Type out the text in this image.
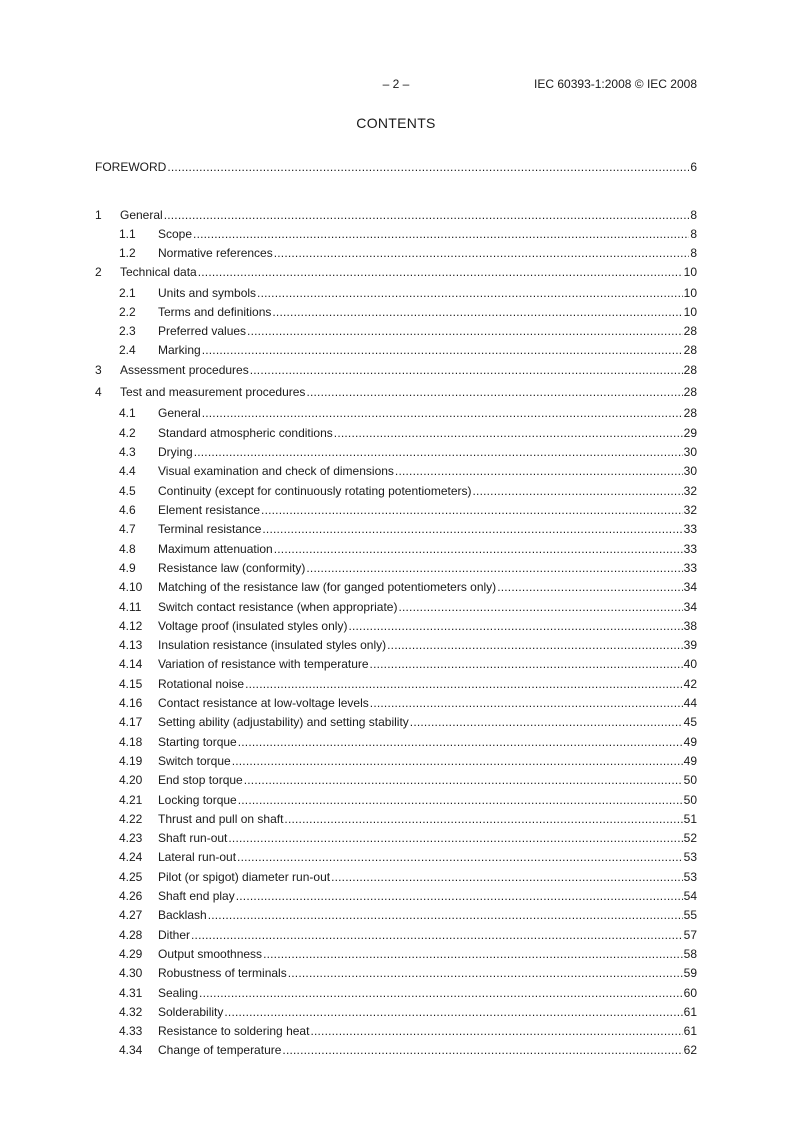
– 2 –	IEC 60393-1:2008 © IEC 2008
CONTENTS
FOREWORD .....	6
1	General .....	8
1.1	Scope .....	8
1.2	Normative references .....	8
2	Technical data .....	10
2.1	Units and symbols .....	10
2.2	Terms and definitions .....	10
2.3	Preferred values .....	28
2.4	Marking .....	28
3	Assessment procedures .....	28
4	Test and measurement procedures .....	28
4.1	General .....	28
4.2	Standard atmospheric conditions .....	29
4.3	Drying .....	30
4.4	Visual examination and check of dimensions .....	30
4.5	Continuity (except for continuously rotating potentiometers) .....	32
4.6	Element resistance .....	32
4.7	Terminal resistance .....	33
4.8	Maximum attenuation .....	33
4.9	Resistance law (conformity) .....	33
4.10	Matching of the resistance law (for ganged potentiometers only) .....	34
4.11	Switch contact resistance (when appropriate) .....	34
4.12	Voltage proof (insulated styles only) .....	38
4.13	Insulation resistance (insulated styles only) .....	39
4.14	Variation of resistance with temperature .....	40
4.15	Rotational noise .....	42
4.16	Contact resistance at low-voltage levels .....	44
4.17	Setting ability (adjustability) and setting stability .....	45
4.18	Starting torque .....	49
4.19	Switch torque .....	49
4.20	End stop torque .....	50
4.21	Locking torque .....	50
4.22	Thrust and pull on shaft .....	51
4.23	Shaft run-out .....	52
4.24	Lateral run-out .....	53
4.25	Pilot (or spigot) diameter run-out .....	53
4.26	Shaft end play .....	54
4.27	Backlash .....	55
4.28	Dither .....	57
4.29	Output smoothness .....	58
4.30	Robustness of terminals .....	59
4.31	Sealing .....	60
4.32	Solderability .....	61
4.33	Resistance to soldering heat .....	61
4.34	Change of temperature .....	62
